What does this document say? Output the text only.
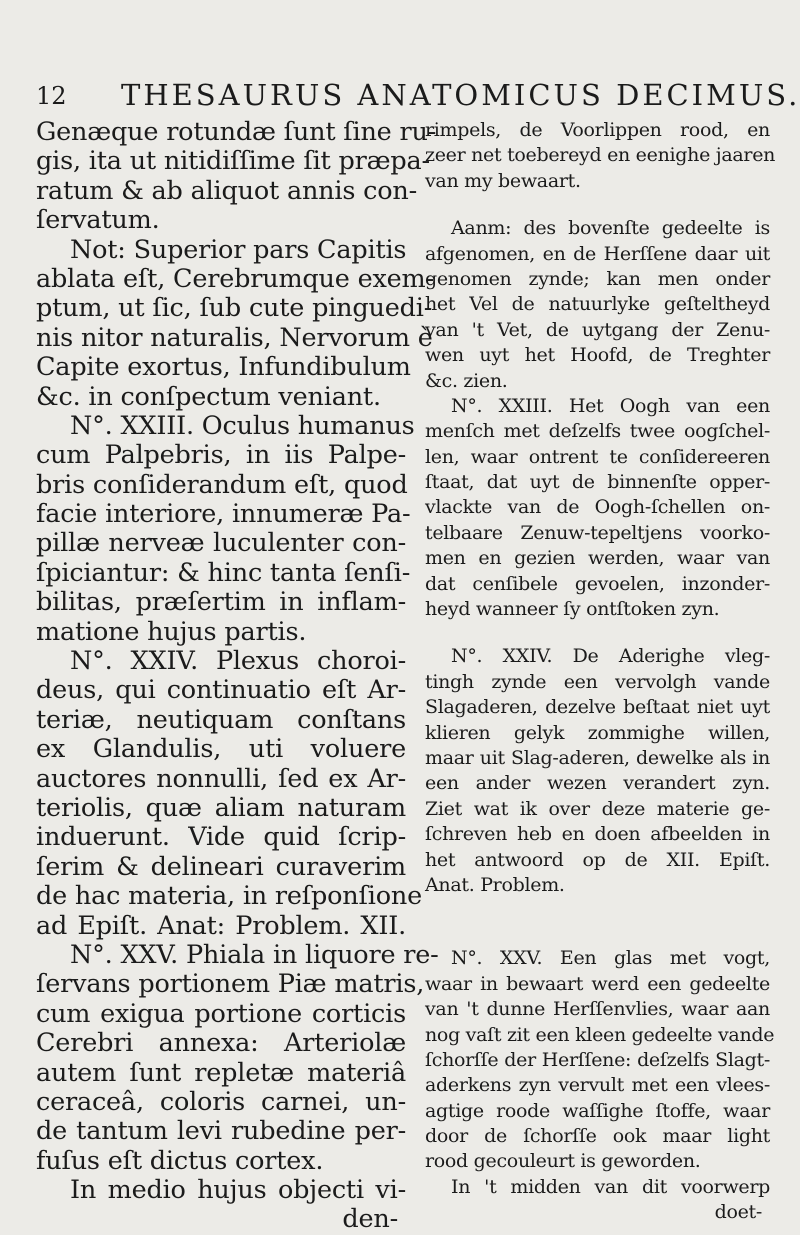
12 THESAURUS ANATOMICUS DECIMUS.
Genæque rotundæ ſunt ſine ru-
gis, ita ut nitidiſſime ſit præpa-
ratum & ab aliquot annis con-
ſervatum.
Not: Superior pars Capitis
ablata eſt, Cerebrumque exem-
ptum, ut ſic, ſub cute pinguedi-
nis nitor naturalis, Nervorum è
Capite exortus, Infundibulum
&c. in conſpectum veniant.
N°. XXIII. Oculus humanus
cum Palpebris, in iis Palpe-
bris conſiderandum eſt, quod
facie interiore, innumeræ Pa-
pillæ nerveæ luculenter con-
ſpiciantur: & hinc tanta ſenſi-
bilitas, præſertim in inflam-
matione hujus partis.
N°. XXIV. Plexus choroi-
deus, qui continuatio eſt Ar-
teriæ, neutiquam conſtans
ex Glandulis, uti voluere
auctores nonnulli, ſed ex Ar-
teriolis, quæ aliam naturam
induerunt. Vide quid ſcrip-
ſerim & delineari curaverim
de hac materia, in reſponſione
ad Epiſt. Anat: Problem. XII.
N°. XXV. Phiala in liquore re-
ſervans portionem Piæ matris,
cum exigua portione corticis
Cerebri annexa: Arteriolæ
autem ſunt repletæ materiâ
ceraceâ, coloris carnei, un-
de tantum levi rubedine per-
fuſus eſt dictus cortex.
In medio hujus objecti vi-
den-
rimpels, de Voorlippen rood, en
zeer net toebereyd en eenighe jaaren
van my bewaart.
Aanm: des bovenſte gedeelte is
afgenomen, en de Herſſene daar uit
genomen zynde; kan men onder
het Vel de natuurlyke geſteltheyd
van 't Vet, de uytgang der Zenu-
wen uyt het Hoofd, de Treghter
&c. zien.
N°. XXIII. Het Oogh van een
menſch met deſzelfs twee oogſchel-
len, waar ontrent te conſidereeren
ſtaat, dat uyt de binnenſte opper-
vlackte van de Oogh-ſchellen on-
telbaare Zenuw-tepeltjens voorko-
men en gezien werden, waar van
dat cenſibele gevoelen, inzonder-
heyd wanneer ſy ontſtoken zyn.
N°. XXIV. De Aderighe vleg-
tingh zynde een vervolgh vande
Slagaderen, dezelve beſtaat niet uyt
klieren gelyk zommighe willen,
maar uit Slag-aderen, dewelke als in
een ander wezen verandert zyn.
Ziet wat ik over deze materie ge-
ſchreven heb en doen afbeelden in
het antwoord op de XII. Epiſt.
Anat. Problem.
N°. XXV. Een glas met vogt,
waar in bewaart werd een gedeelte
van 't dunne Herſſenvlies, waar aan
nog vaſt zit een kleen gedeelte vande
ſchorſſe der Herſſene: deſzelfs Slagt-
aderkens zyn vervult met een vlees-
agtige roode waſſighe ſtoffe, waar
door de ſchorſſe ook maar light
rood gecouleurt is geworden.
In 't midden van dit voorwerp
doet-
